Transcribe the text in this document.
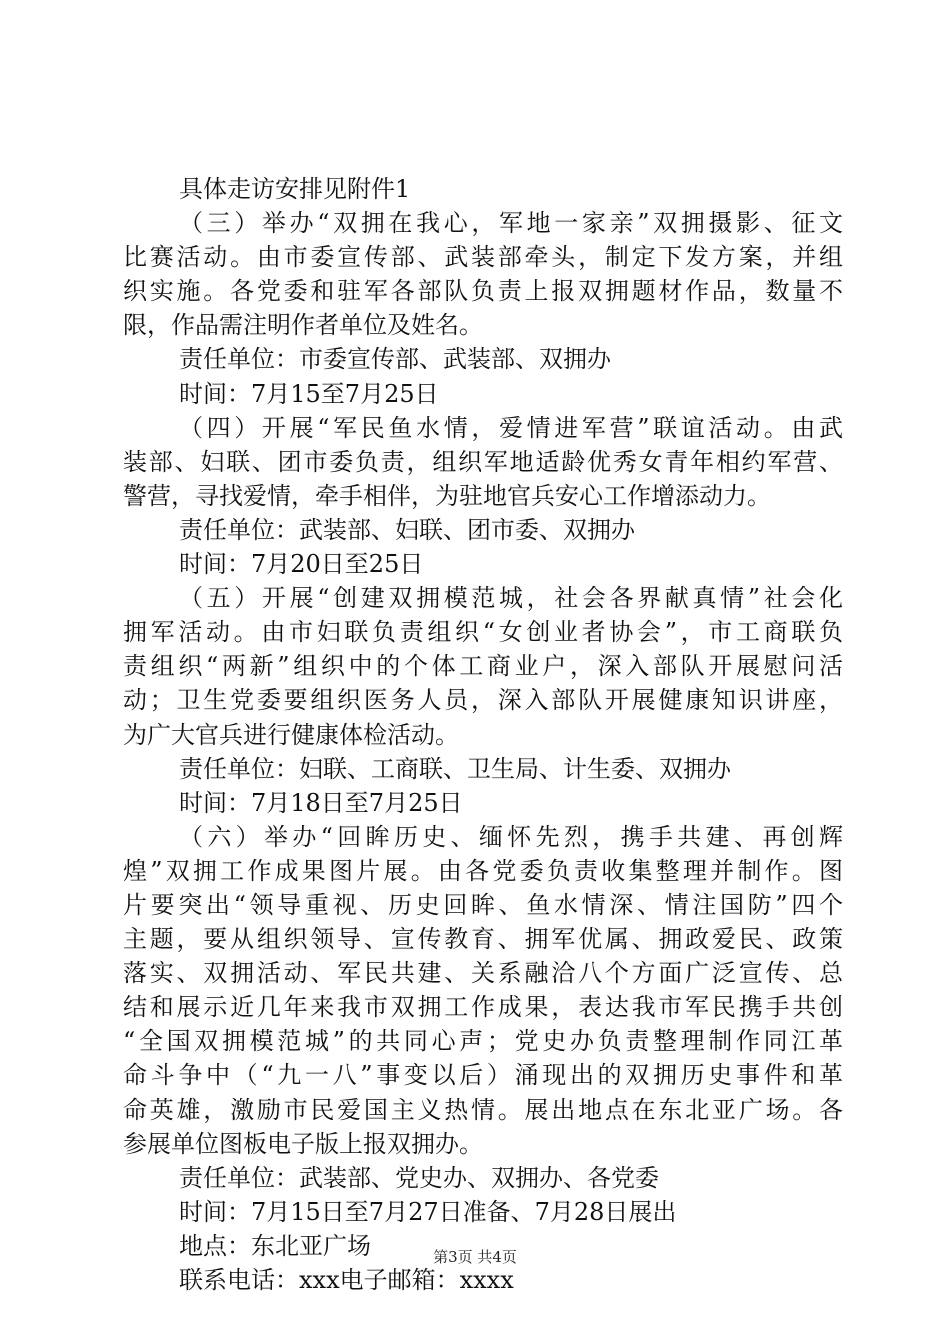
具体走访安排见附件1
（三）举办“双拥在我心，军地一家亲”双拥摄影、征文
比赛活动。由市委宣传部、武装部牵头，制定下发方案，并组
织实施。各党委和驻军各部队负责上报双拥题材作品，数量不
限，作品需注明作者单位及姓名。
责任单位：市委宣传部、武装部、双拥办
时间：7月15至7月25日
（四）开展“军民鱼水情，爱情进军营”联谊活动。由武
装部、妇联、团市委负责，组织军地适龄优秀女青年相约军营、
警营，寻找爱情，牵手相伴，为驻地官兵安心工作增添动力。
责任单位：武装部、妇联、团市委、双拥办
时间：7月20日至25日
（五）开展“创建双拥模范城，社会各界献真情”社会化
拥军活动。由市妇联负责组织“女创业者协会”，市工商联负
责组织“两新”组织中的个体工商业户，深入部队开展慰问活
动；卫生党委要组织医务人员，深入部队开展健康知识讲座，
为广大官兵进行健康体检活动。
责任单位：妇联、工商联、卫生局、计生委、双拥办
时间：7月18日至7月25日
（六）举办“回眸历史、缅怀先烈，携手共建、再创辉
煌”双拥工作成果图片展。由各党委负责收集整理并制作。图
片要突出“领导重视、历史回眸、鱼水情深、情注国防”四个
主题，要从组织领导、宣传教育、拥军优属、拥政爱民、政策
落实、双拥活动、军民共建、关系融洽八个方面广泛宣传、总
结和展示近几年来我市双拥工作成果，表达我市军民携手共创
“全国双拥模范城”的共同心声；党史办负责整理制作同江革
命斗争中（“九一八”事变以后）涌现出的双拥历史事件和革
命英雄，激励市民爱国主义热情。展出地点在东北亚广场。各
参展单位图板电子版上报双拥办。
责任单位：武装部、党史办、双拥办、各党委
时间：7月15日至7月27日准备、7月28日展出
地点：东北亚广场
联系电话：xxx电子邮箱：xxxx
第3页 共4页
